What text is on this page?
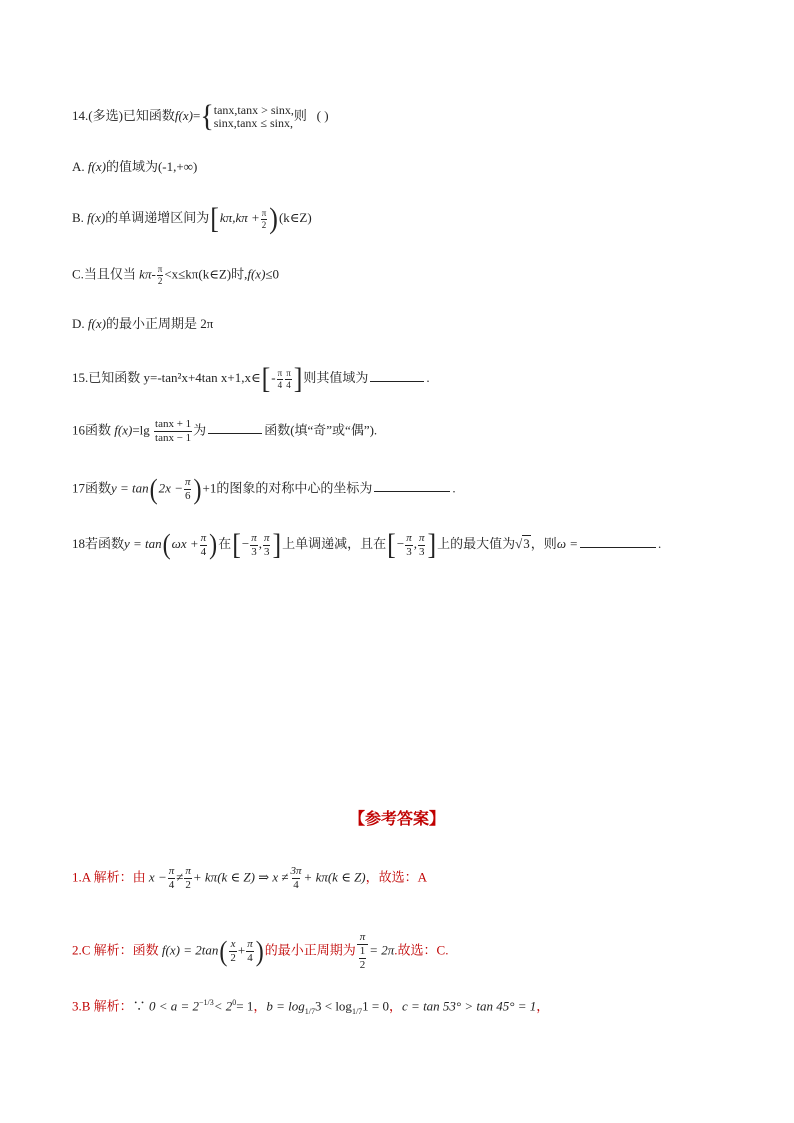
14.(多选)已知函数f(x)= { tanx,tanx > sinx,
sinx,tanx ≤ sinx,
则 ( )
A. f(x)的值域为(-1,+∞)
B. f(x)的单调递增区间为[$k\pi,k\pi + \frac{\pi}{2}$ )(k∈Z)
C.当且仅当 $k\pi- \frac{\pi}{2}$ <x≤kπ(k∈Z)时,f(x)≤0
D. f(x)的最小正周期是 2π
15.已知函数 y=-tan²x+4tan x+1,x∈[- $\frac{\pi}{4} \frac{\pi}{4}$ ]则其值域为	.
16函数 $f(x)=\lg \frac{\tan x + 1}{\tan x - 1}$ 为	函数(填“奇”或“偶”).
17函数$y = \tan(2x - \frac{\pi}{6} )+1$的图象的对称中心的坐标为	.
18若函数$y = \tan(\omega x + \frac{\pi}{4}$ )在[− $\frac{\pi}{3}$ , $\frac{\pi}{3}$ ]上单调递减，且在[− $\frac{\pi}{3}$ , $\frac{\pi}{3}$ ]上的最大值为√3，则ω =	.
【参考答案】
1.A 解析：由 $x - \frac{\pi}{4} \ne \frac{\pi}{2} + k\pi(k$ ∈ Z) ⇒ $x \ne \frac{3\pi}{4} + k\pi(k$ ∈ Z)，故选：A
2.C 解析：函数 $f(x) = 2\tan( \frac{x}{2} + \frac{\pi}{4}$ )的最小正周期为 $\frac{\pi}{\frac{1}{2}} = 2\pi$.故选：C.
3.B 解析：∵ $0 < a = 2^{-1/3}< 2^0= 1$，$b = \log_{1/7}3 < \log_{1/7}1 = 0$，c = tan 53° > tan 45° = 1，
